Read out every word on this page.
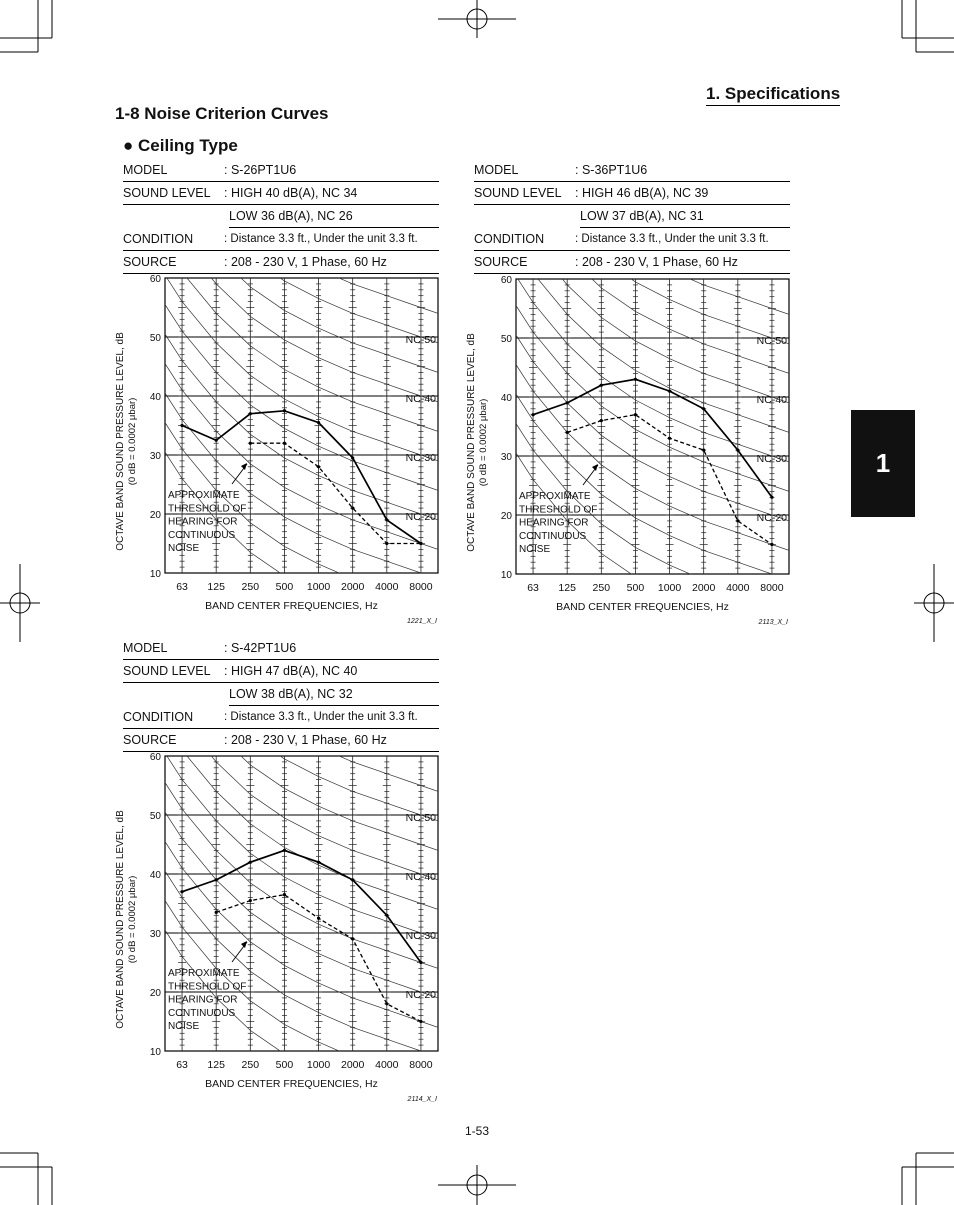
1. Specifications
1-8 Noise Criterion Curves
● Ceiling Type
1
1-53
MODEL	: S-26PT1U6
SOUND LEVEL : HIGH 40 dB(A), NC 34
LOW 36 dB(A), NC 26
CONDITION	: Distance 3.3 ft., Under the unit 3.3 ft.
SOURCE	: 208 - 230 V, 1 Phase, 60 Hz
MODEL	: S-36PT1U6
SOUND LEVEL : HIGH 46 dB(A), NC 39
LOW 37 dB(A), NC 31
CONDITION	: Distance 3.3 ft., Under the unit 3.3 ft.
SOURCE	: 208 - 230 V, 1 Phase, 60 Hz
MODEL	: S-42PT1U6
SOUND LEVEL : HIGH 47 dB(A), NC 40
LOW 38 dB(A), NC 32
CONDITION	: Distance 3.3 ft., Under the unit 3.3 ft.
SOURCE	: 208 - 230 V, 1 Phase, 60 Hz
10
20
30
40
50
60
63 125 250 500 1000 2000 4000 8000
BAND CENTER FREQUENCIES, Hz
OCTAVE BAND SOUND PRESSURE LEVEL, dB (0 dB = 0.0002 μbar)
NC-50
NC-40
NC-30
NC-20
APPROXIMATE
THRESHOLD OF
HEARING FOR
CONTINUOUS
NOISE
1221_X_I
10
20
30
40
50
60
63 125 250 500 1000 2000 4000 8000
BAND CENTER FREQUENCIES, Hz
OCTAVE BAND SOUND PRESSURE LEVEL, dB (0 dB = 0.0002 μbar)
NC-50
NC-40
NC-30
NC-20
APPROXIMATE
THRESHOLD OF
HEARING FOR
CONTINUOUS
NOISE
2113_X_I
10
20
30
40
50
60
63 125 250 500 1000 2000 4000 8000
BAND CENTER FREQUENCIES, Hz
OCTAVE BAND SOUND PRESSURE LEVEL, dB (0 dB = 0.0002 μbar)
NC-50
NC-40
NC-30
NC-20
APPROXIMATE
THRESHOLD OF
HEARING FOR
CONTINUOUS
NOISE
2114_X_I
